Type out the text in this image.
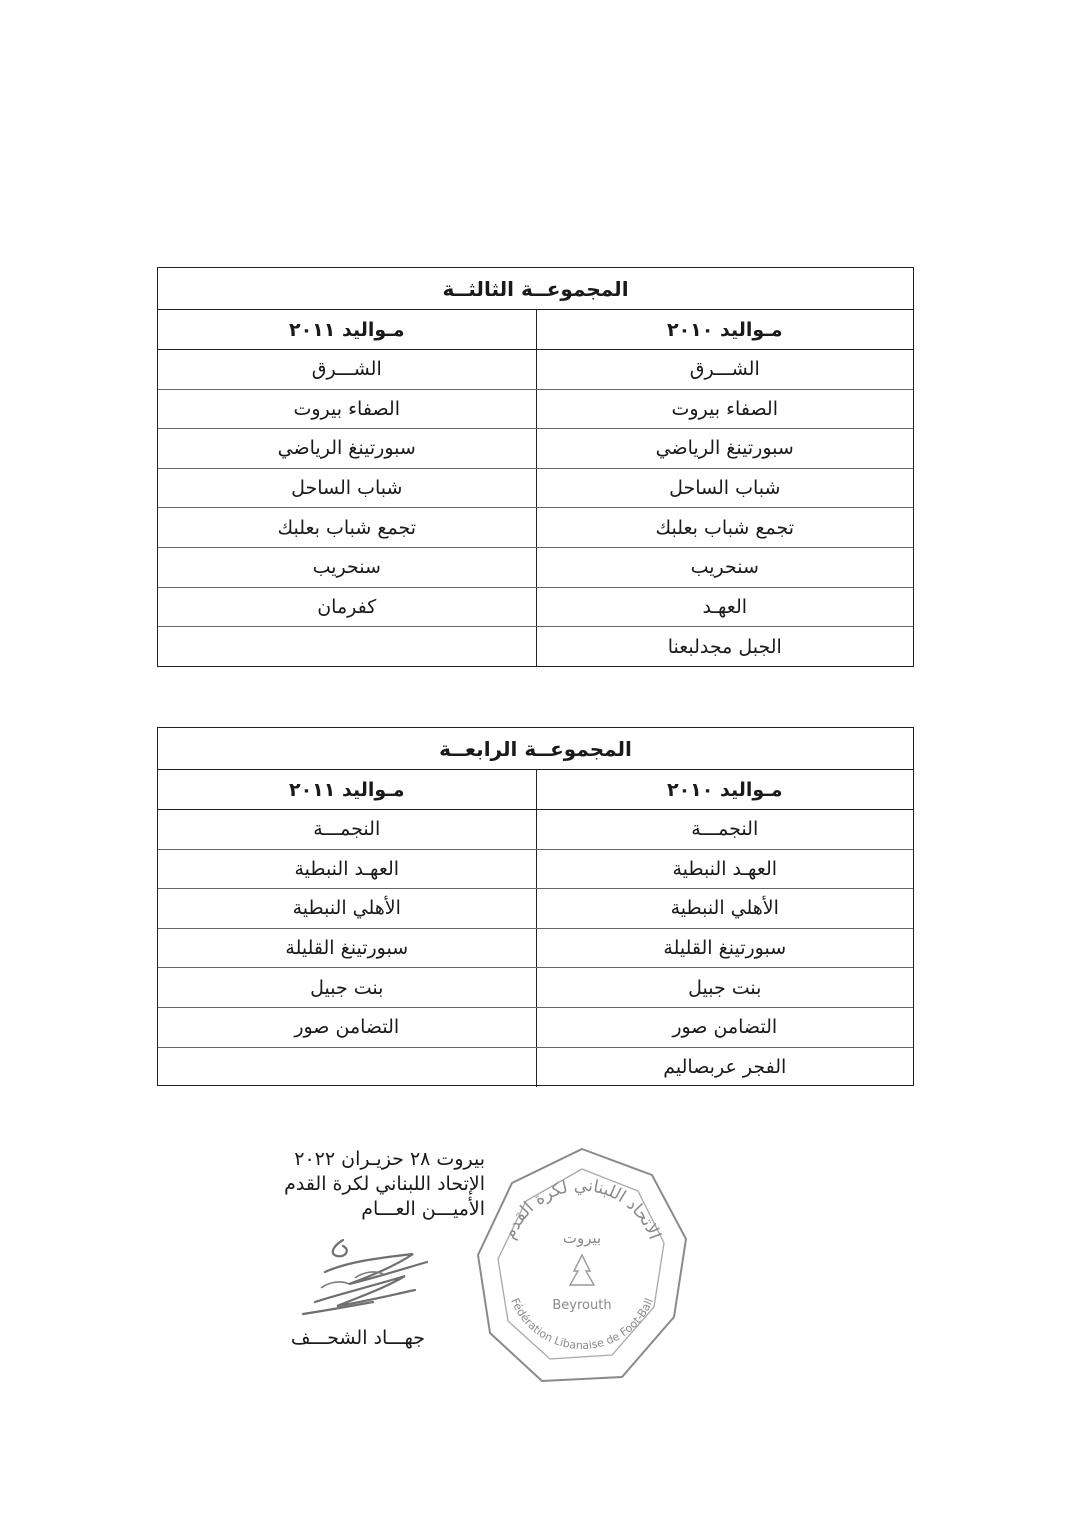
المجموعــة الثالثــة
مـواليد ٢٠١٠
مـواليد ٢٠١١
الشـــرق
الشـــرق
الصفاء بيروت
الصفاء بيروت
سبورتينغ الرياضي
سبورتينغ الرياضي
شباب الساحل
شباب الساحل
تجمع شباب بعلبك
تجمع شباب بعلبك
سنحريب
سنحريب
العهـد
كفرمان
الجبل مجدلبعنا
المجموعــة الرابعــة
مـواليد ٢٠١٠
مـواليد ٢٠١١
النجمـــة
النجمـــة
العهـد النبطية
العهـد النبطية
الأهلي النبطية
الأهلي النبطية
سبورتينغ القليلة
سبورتينغ القليلة
بنت جبيل
بنت جبيل
التضامن صور
التضامن صور
الفجر عربصاليم
بيروت ٢٨ حزيـران ٢٠٢٢
الإتحاد اللبناني لكرة القدم
الأميـــن العـــام
جهـــاد الشحـــف
الاتحاد اللبناني لكرة القدم
بيروت
Beyrouth
Fédération Libanaise de Foot-Ball
